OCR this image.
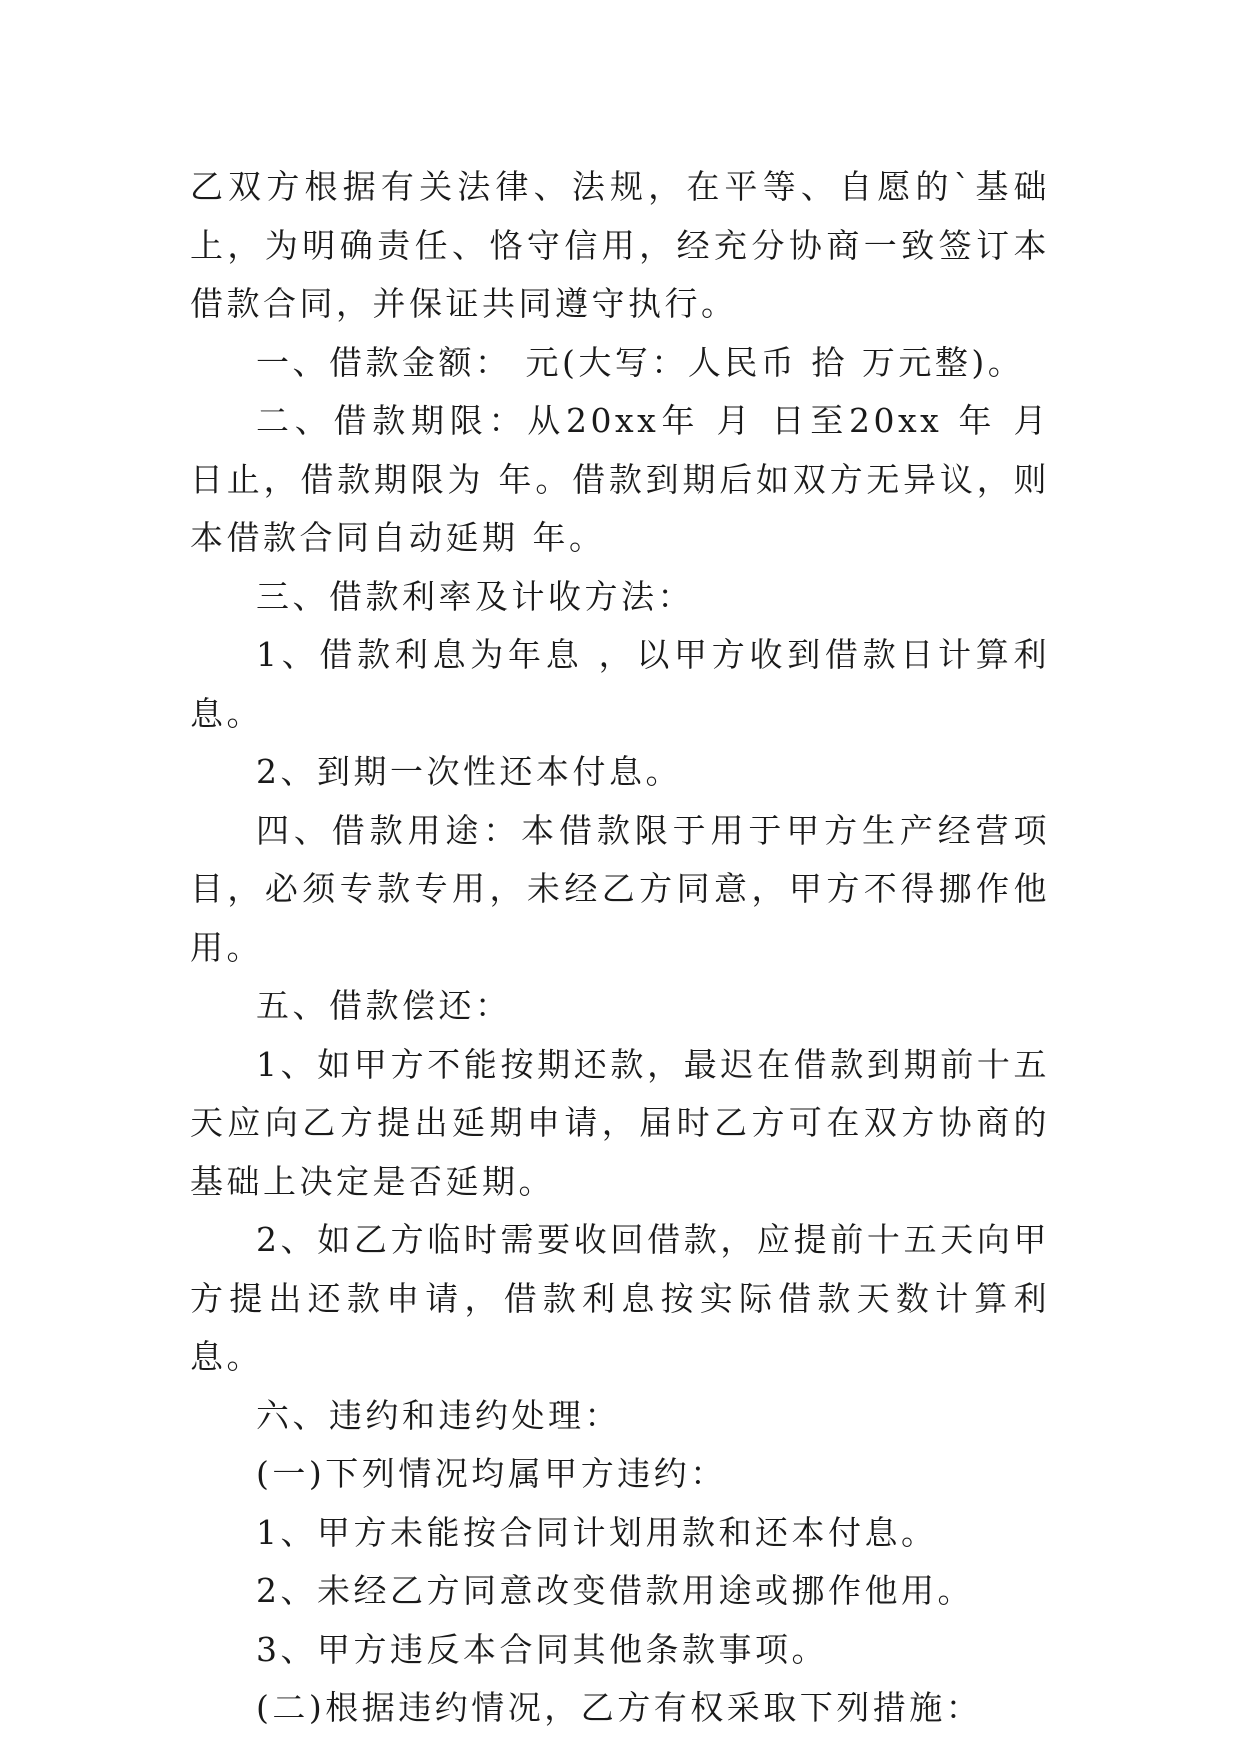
乙双方根据有关法律、法规，在平等、自愿的`基础上，为明确责任、恪守信用，经充分协商一致签订本借款合同，并保证共同遵守执行。

一、借款金额： 元(大写：人民币 拾 万元整)。

二、借款期限：从20xx年 月 日至20xx 年 月 日止，借款期限为 年。借款到期后如双方无异议，则本借款合同自动延期 年。

三、借款利率及计收方法：

1、借款利息为年息 ，以甲方收到借款日计算利息。

2、到期一次性还本付息。

四、借款用途：本借款限于用于甲方生产经营项目，必须专款专用，未经乙方同意，甲方不得挪作他用。

五、借款偿还：

1、如甲方不能按期还款，最迟在借款到期前十五天应向乙方提出延期申请，届时乙方可在双方协商的基础上决定是否延期。

2、如乙方临时需要收回借款，应提前十五天向甲方提出还款申请，借款利息按实际借款天数计算利息。

六、违约和违约处理：

(一)下列情况均属甲方违约：

1、甲方未能按合同计划用款和还本付息。

2、未经乙方同意改变借款用途或挪作他用。

3、甲方违反本合同其他条款事项。

(二)根据违约情况，乙方有权采取下列措施：
